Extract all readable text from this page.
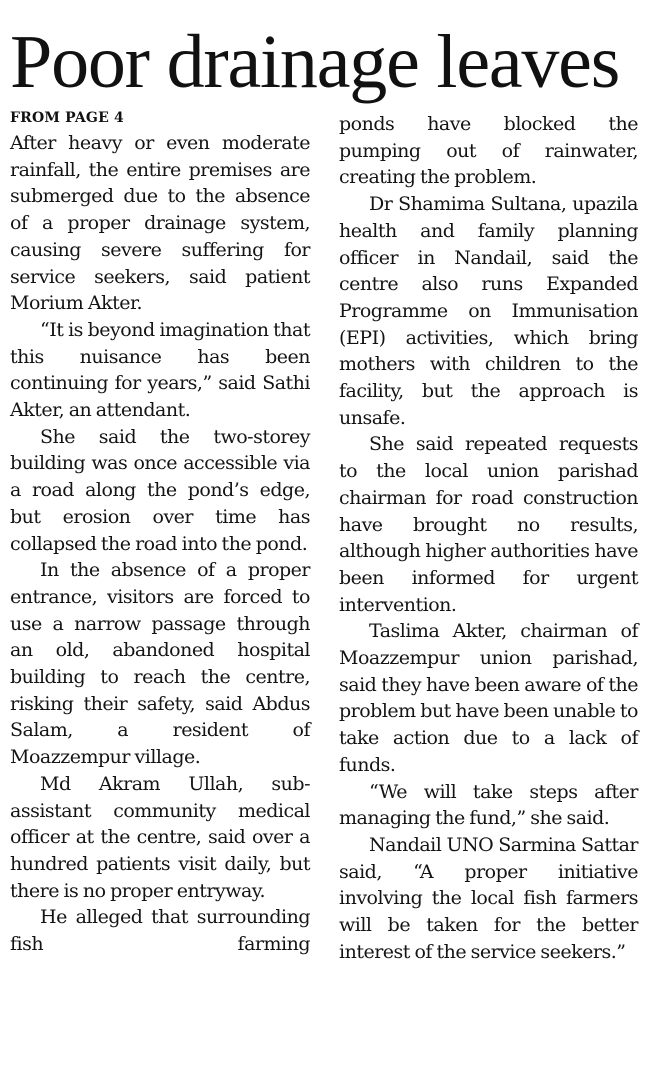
Poor drainage leaves
FROM PAGE 4

After heavy or even moderate rainfall, the entire premises are submerged due to the absence of a proper drainage system, causing severe suffering for service seekers, said patient Morium Akter.

“It is beyond imagination that this nuisance has been continuing for years,” said Sathi Akter, an attendant.

She said the two-storey building was once accessible via a road along the pond’s edge, but erosion over time has collapsed the road into the pond.

In the absence of a proper entrance, visitors are forced to use a narrow passage through an old, abandoned hospital building to reach the centre, risking their safety, said Abdus Salam, a resident of Moazzempur village.

Md Akram Ullah, sub-assistant community medical officer at the centre, said over a hundred patients visit daily, but there is no proper entryway.

He alleged that surrounding fish farming

ponds have blocked the pumping out of rainwater, creating the problem.

Dr Shamima Sultana, upazila health and family planning officer in Nandail, said the centre also runs Expanded Programme on Immunisation (EPI) activities, which bring mothers with children to the facility, but the approach is unsafe.

She said repeated requests to the local union parishad chairman for road construction have brought no results, although higher authorities have been informed for urgent intervention.

Taslima Akter, chairman of Moazzempur union parishad, said they have been aware of the problem but have been unable to take action due to a lack of funds.

“We will take steps after managing the fund,” she said.

Nandail UNO Sarmina Sattar said, “A proper initiative involving the local fish farmers will be taken for the better interest of the service seekers.”
